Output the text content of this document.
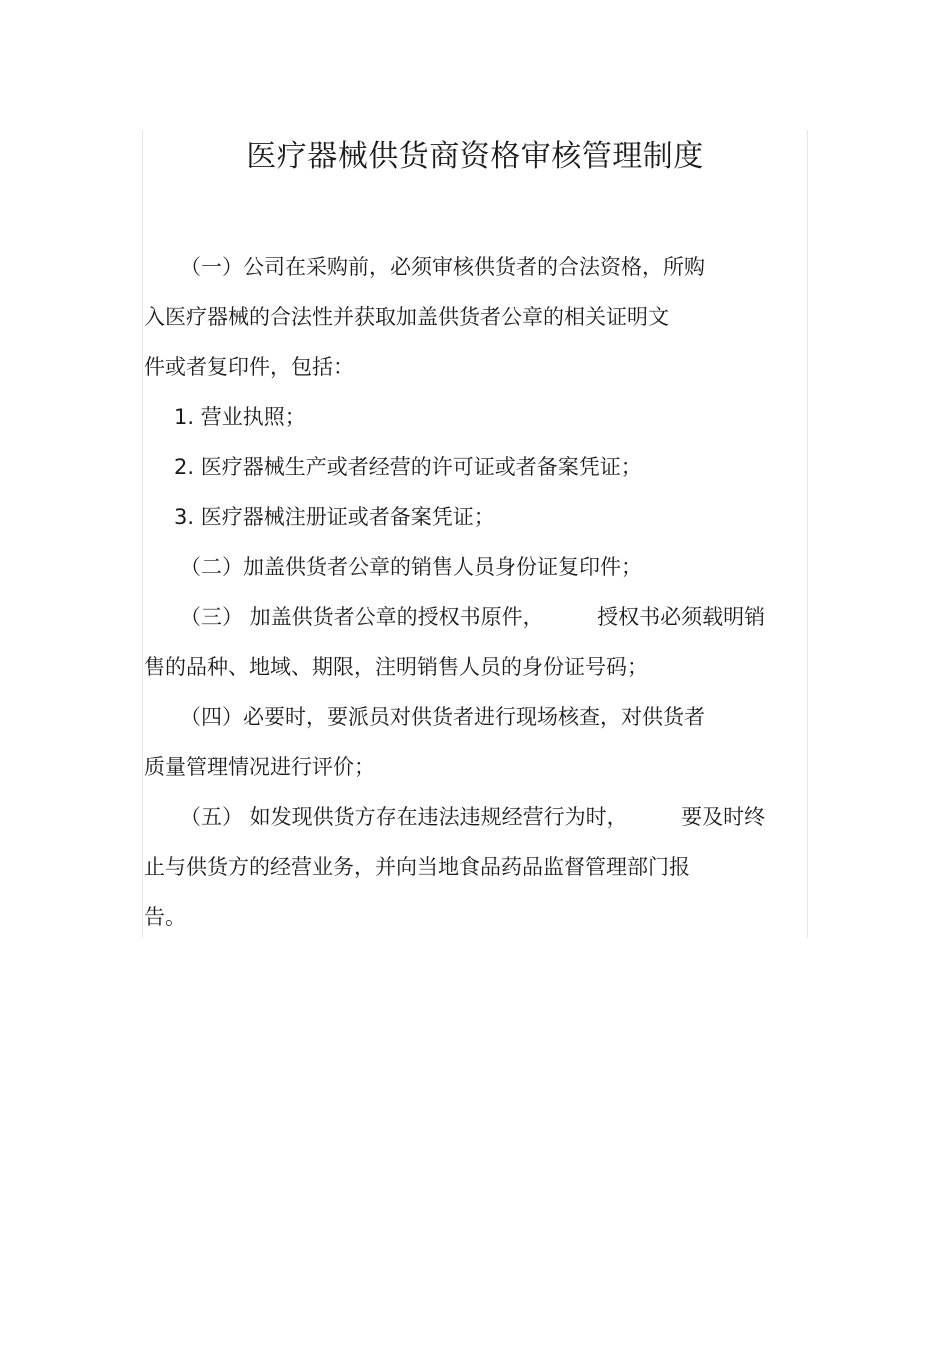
医疗器械供货商资格审核管理制度

（一）公司在采购前，必须审核供货者的合法资格，所购

入医疗器械的合法性并获取加盖供货者公章的相关证明文

件或者复印件，包括：

1. 营业执照；

2. 医疗器械生产或者经营的许可证或者备案凭证；

3. 医疗器械注册证或者备案凭证；

（二）加盖供货者公章的销售人员身份证复印件；

（三） 加盖供货者公章的授权书原件，        授权书必须载明销

售的品种、地域、期限，注明销售人员的身份证号码；

（四）必要时，要派员对供货者进行现场核查，对供货者

质量管理情况进行评价；

（五） 如发现供货方存在违法违规经营行为时，        要及时终

止与供货方的经营业务，并向当地食品药品监督管理部门报

告。
